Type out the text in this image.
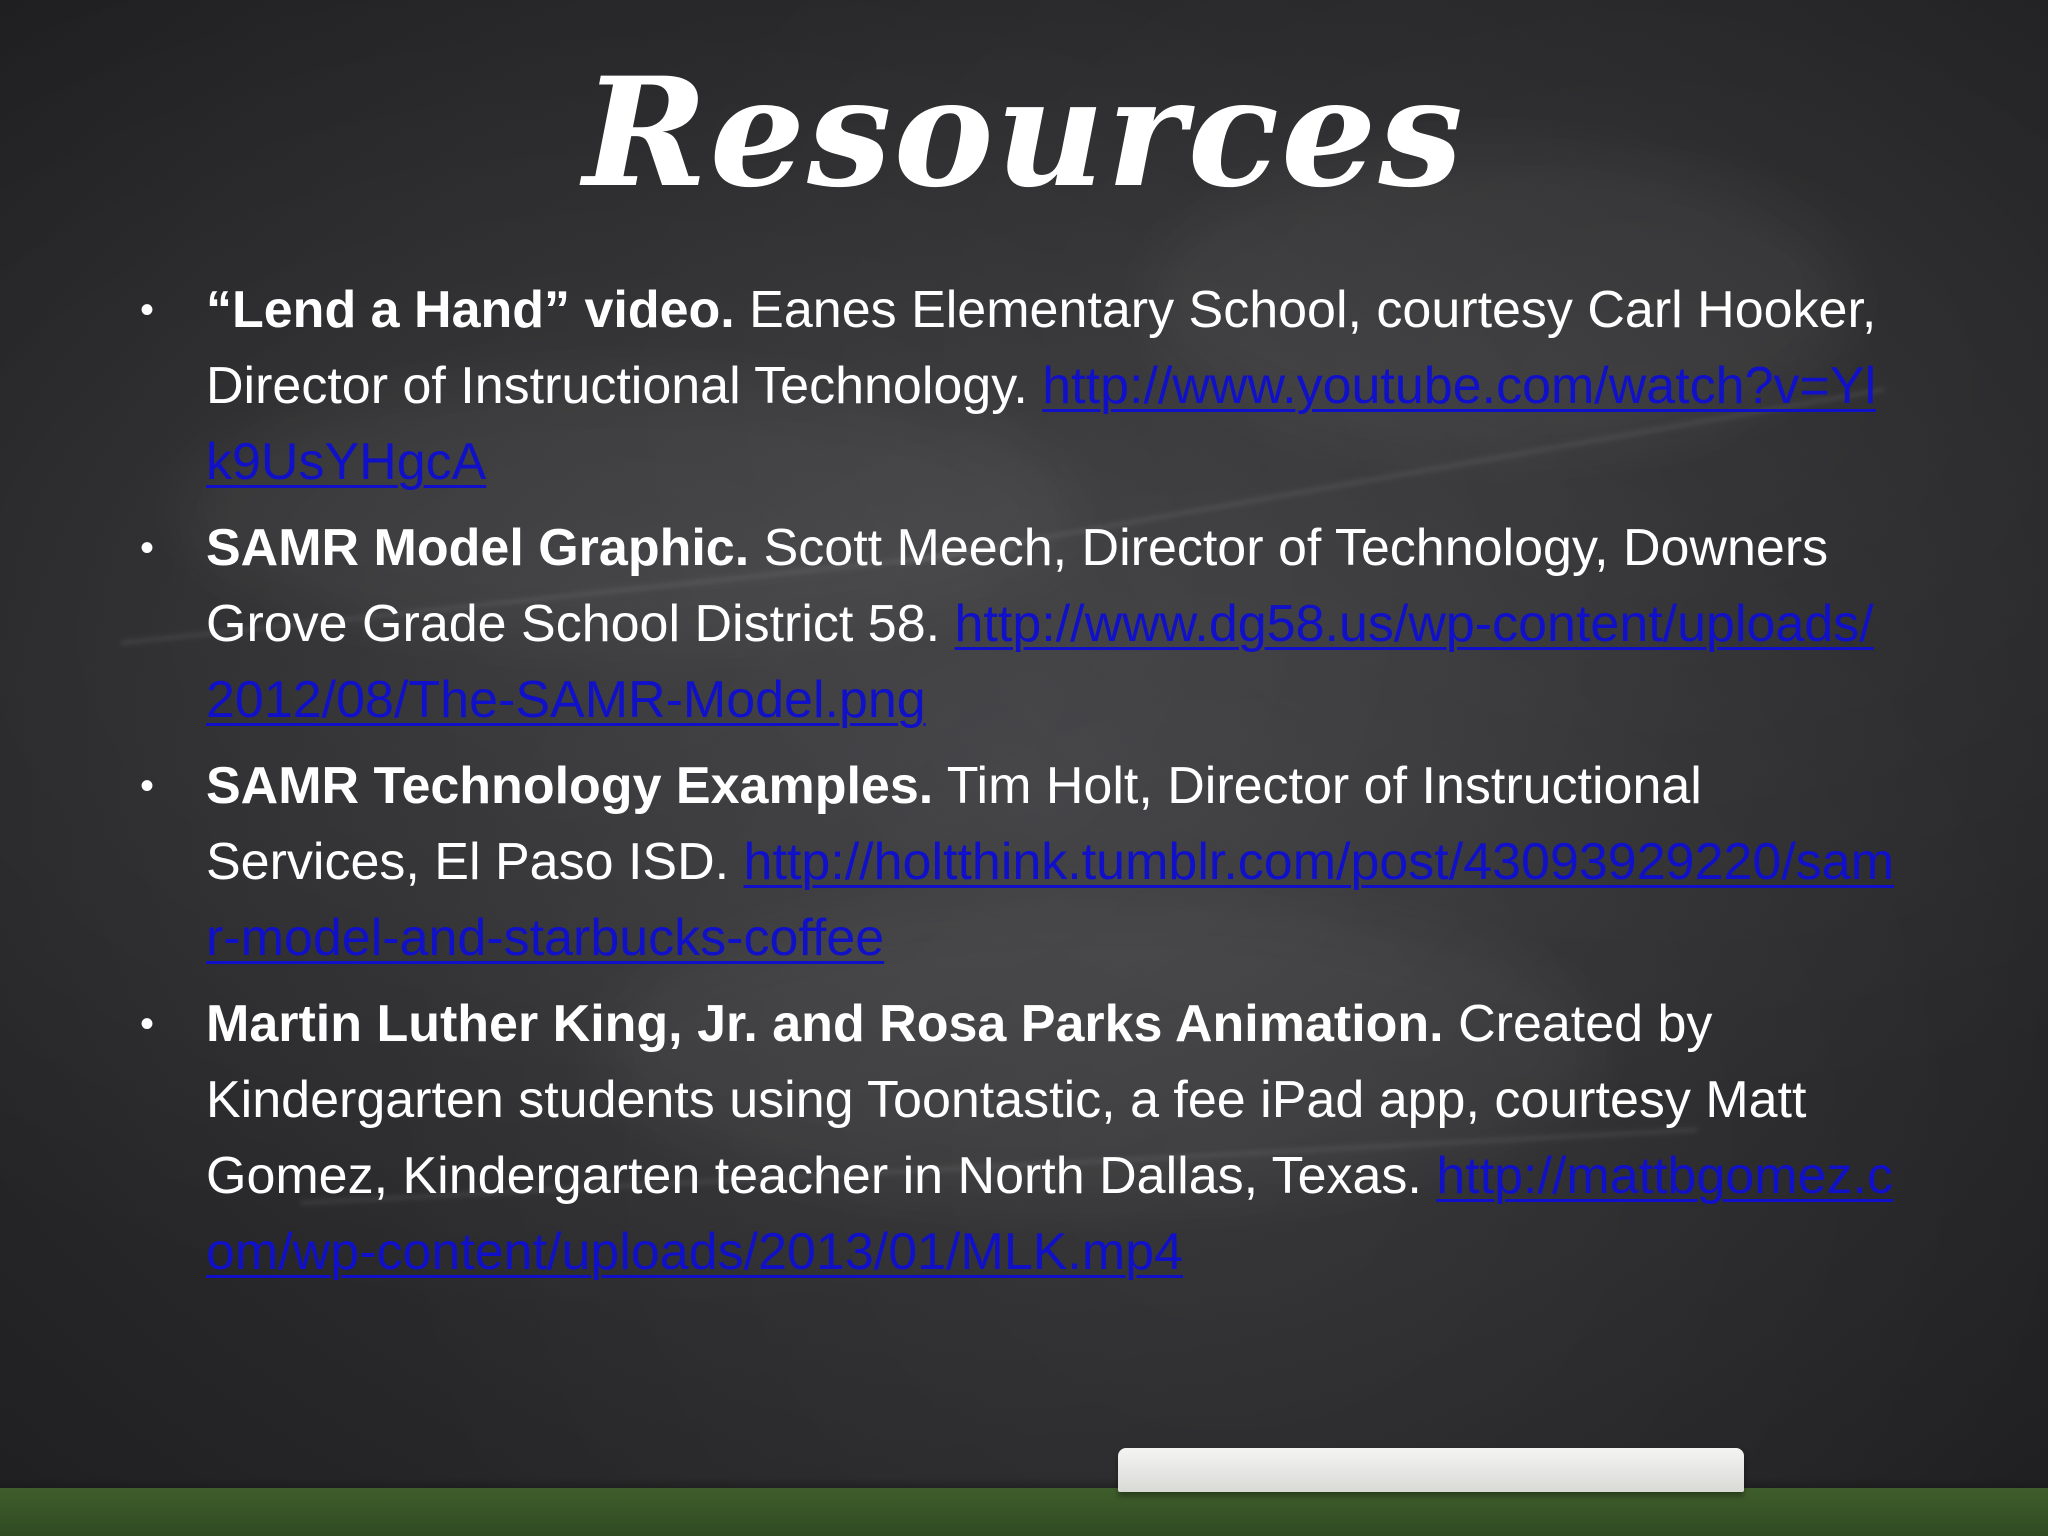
Resources
• “Lend a Hand” video. Eanes Elementary School, courtesy Carl Hooker, Director of Instructional Technology. http://www.youtube.com/watch?v=Ylk9UsYHgcA
• SAMR Model Graphic. Scott Meech, Director of Technology, Downers Grove Grade School District 58. http://www.dg58.us/wp-content/uploads/2012/08/The-SAMR-Model.png
• SAMR Technology Examples. Tim Holt, Director of Instructional Services, El Paso ISD. http://holtthink.tumblr.com/post/43093929220/samr-model-and-starbucks-coffee
• Martin Luther King, Jr. and Rosa Parks Animation. Created by Kindergarten students using Toontastic, a fee iPad app, courtesy Matt Gomez, Kindergarten teacher in North Dallas, Texas. http://mattbgomez.com/wp-content/uploads/2013/01/MLK.mp4
